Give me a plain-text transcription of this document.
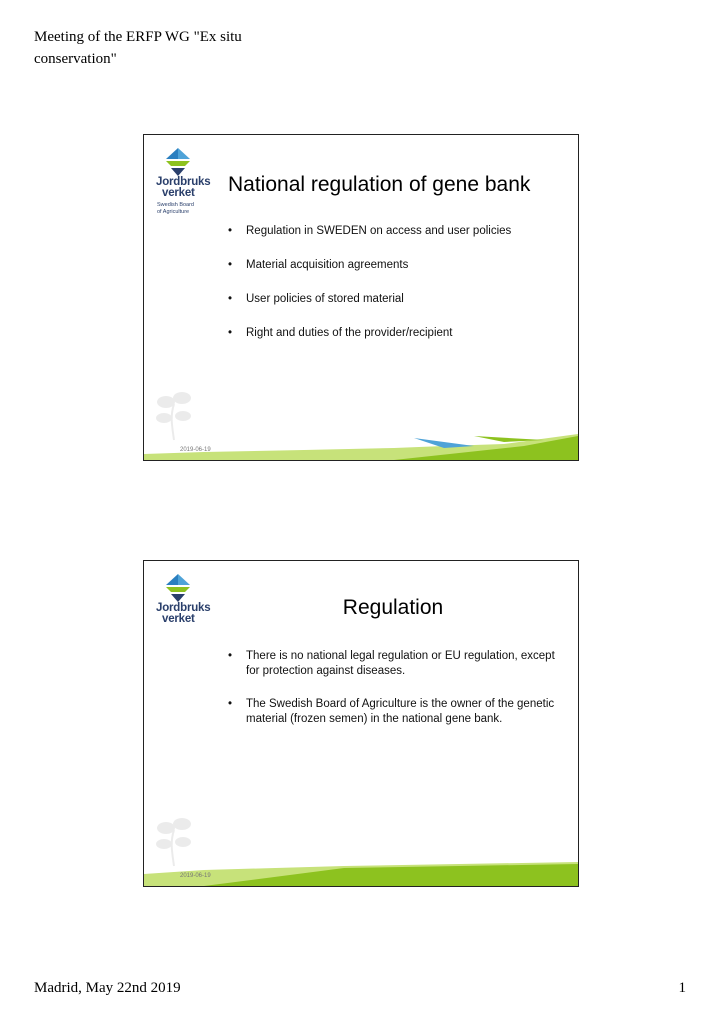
Meeting of the ERFP WG "Ex situ conservation"
Jordbruks
verket
Swedish Board
of Agriculture
National regulation of gene bank
• Regulation in SWEDEN on access and user policies
• Material acquisition agreements
• User policies of stored material
• Right and duties of the provider/recipient
2019-06-19
Jordbruks
verket	Regulation
• There is no national legal regulation or EU regulation, except for protection against diseases.
• The Swedish Board of Agriculture is the owner of the genetic material (frozen semen) in the national gene bank.
2019-06-19
Madrid, May 22nd 2019	1
